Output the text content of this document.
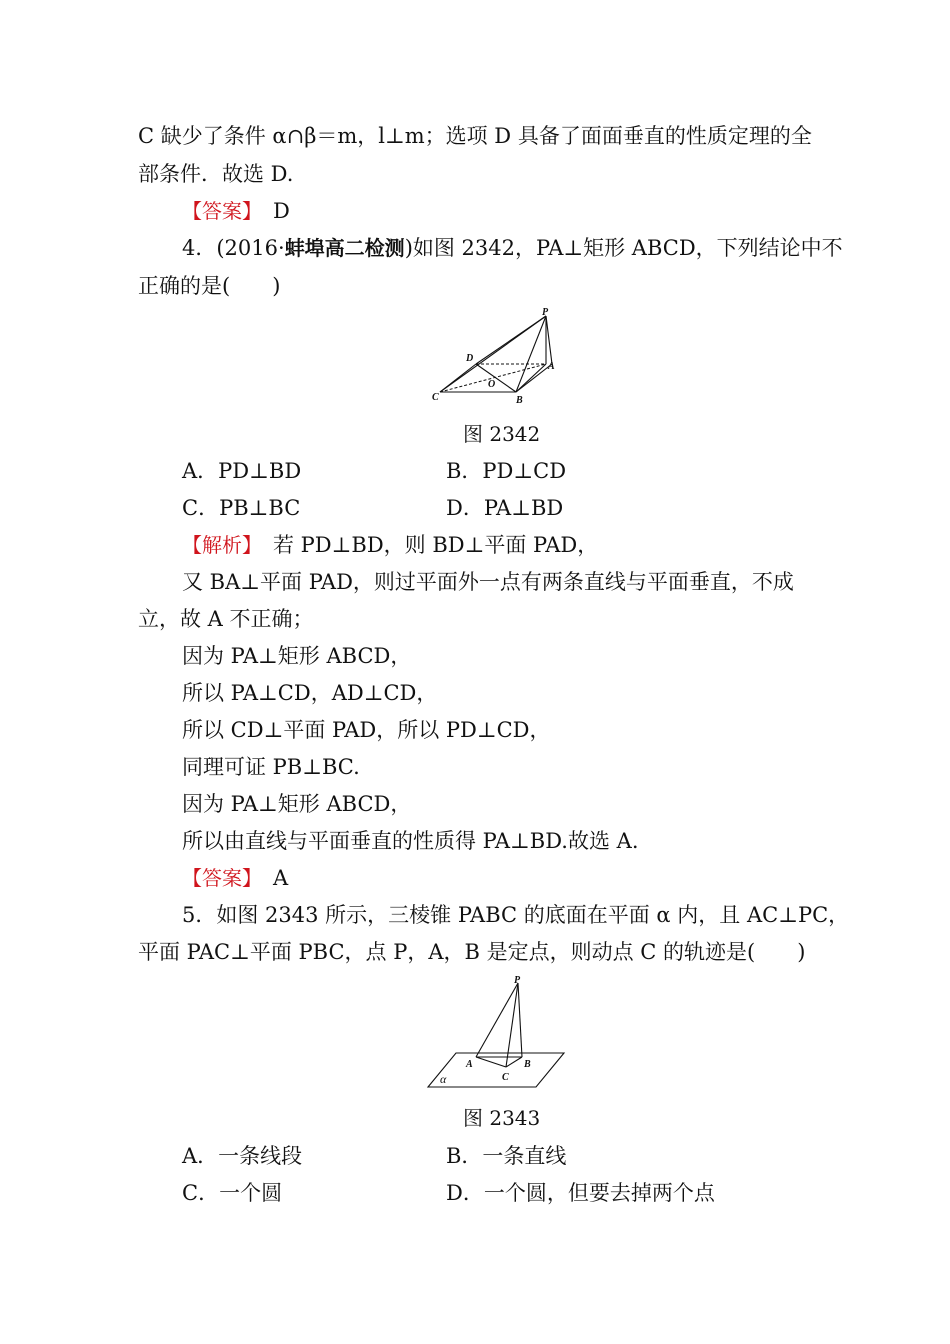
C 缺少了条件 α∩β＝m，l⊥m；选项 D 具备了面面垂直的性质定理的全
部条件．故选 D.
【答案】　 D
4．(2016·蚌埠高二检测)如图 2342，PA⊥矩形 ABCD，下列结论中不
正确的是(　　)
P
D
A
O
C	B
图 2342
A．PD⊥BD	B．PD⊥CD
C．PB⊥BC	D．PA⊥BD
【解析】　 若 PD⊥BD，则 BD⊥平面 PAD，
又 BA⊥平面 PAD，则过平面外一点有两条直线与平面垂直，不成
立，故 A 不正确；
因为 PA⊥矩形 ABCD，
所以 PA⊥CD，AD⊥CD，
所以 CD⊥平面 PAD，所以 PD⊥CD，
同理可证 PB⊥BC.
因为 PA⊥矩形 ABCD，
所以由直线与平面垂直的性质得 PA⊥BD.故选 A.
【答案】　 A
5．如图 2343 所示，三棱锥 PABC 的底面在平面 α 内，且 AC⊥PC，
平面 PAC⊥平面 PBC，点 P，A，B 是定点，则动点 C 的轨迹是(　　)
P
A	B
C
α
图 2343
A．一条线段	B．一条直线
C．一个圆	D．一个圆，但要去掉两个点
